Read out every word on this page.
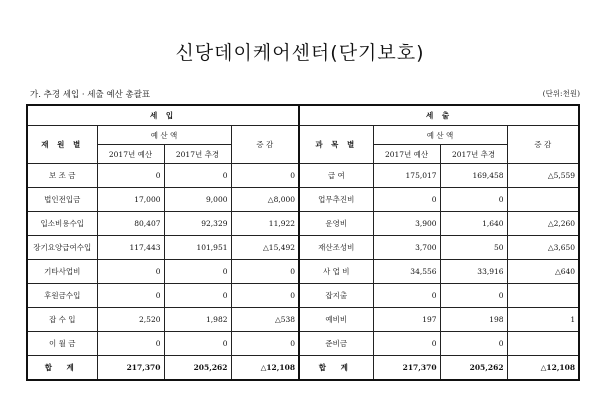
신당데이케어센터(단기보호)
가. 추경 세입 · 세출 예산 총괄표	(단위:천원)
세 입				세 출			
재 원 별	예 산 액		증 감	과 목 별	예 산 액		증 감
	2017년 예산	2017년 추경			2017년 예산	2017년 추경	
보 조 금	0	0	0	급 여	175,017	169,458	△5,559
법인전입금	17,000	9,000	△8,000	업무추진비	0	0	
입소비용수입	80,407	92,329	11,922	운영비	3,900	1,640	△2,260
장기요양급여수입	117,443	101,951	△15,492	재산조성비	3,700	50	△3,650
기타사업비	0	0	0	사 업 비	34,556	33,916	△640
후원금수입	0	0	0	잡지출	0	0	
잡 수 입	2,520	1,982	△538	예비비	197	198	1
이 월 금	0	0	0	준비금	0	0	
합 계	217,370	205,262	△12,108	합 계	217,370	205,262	△12,108
